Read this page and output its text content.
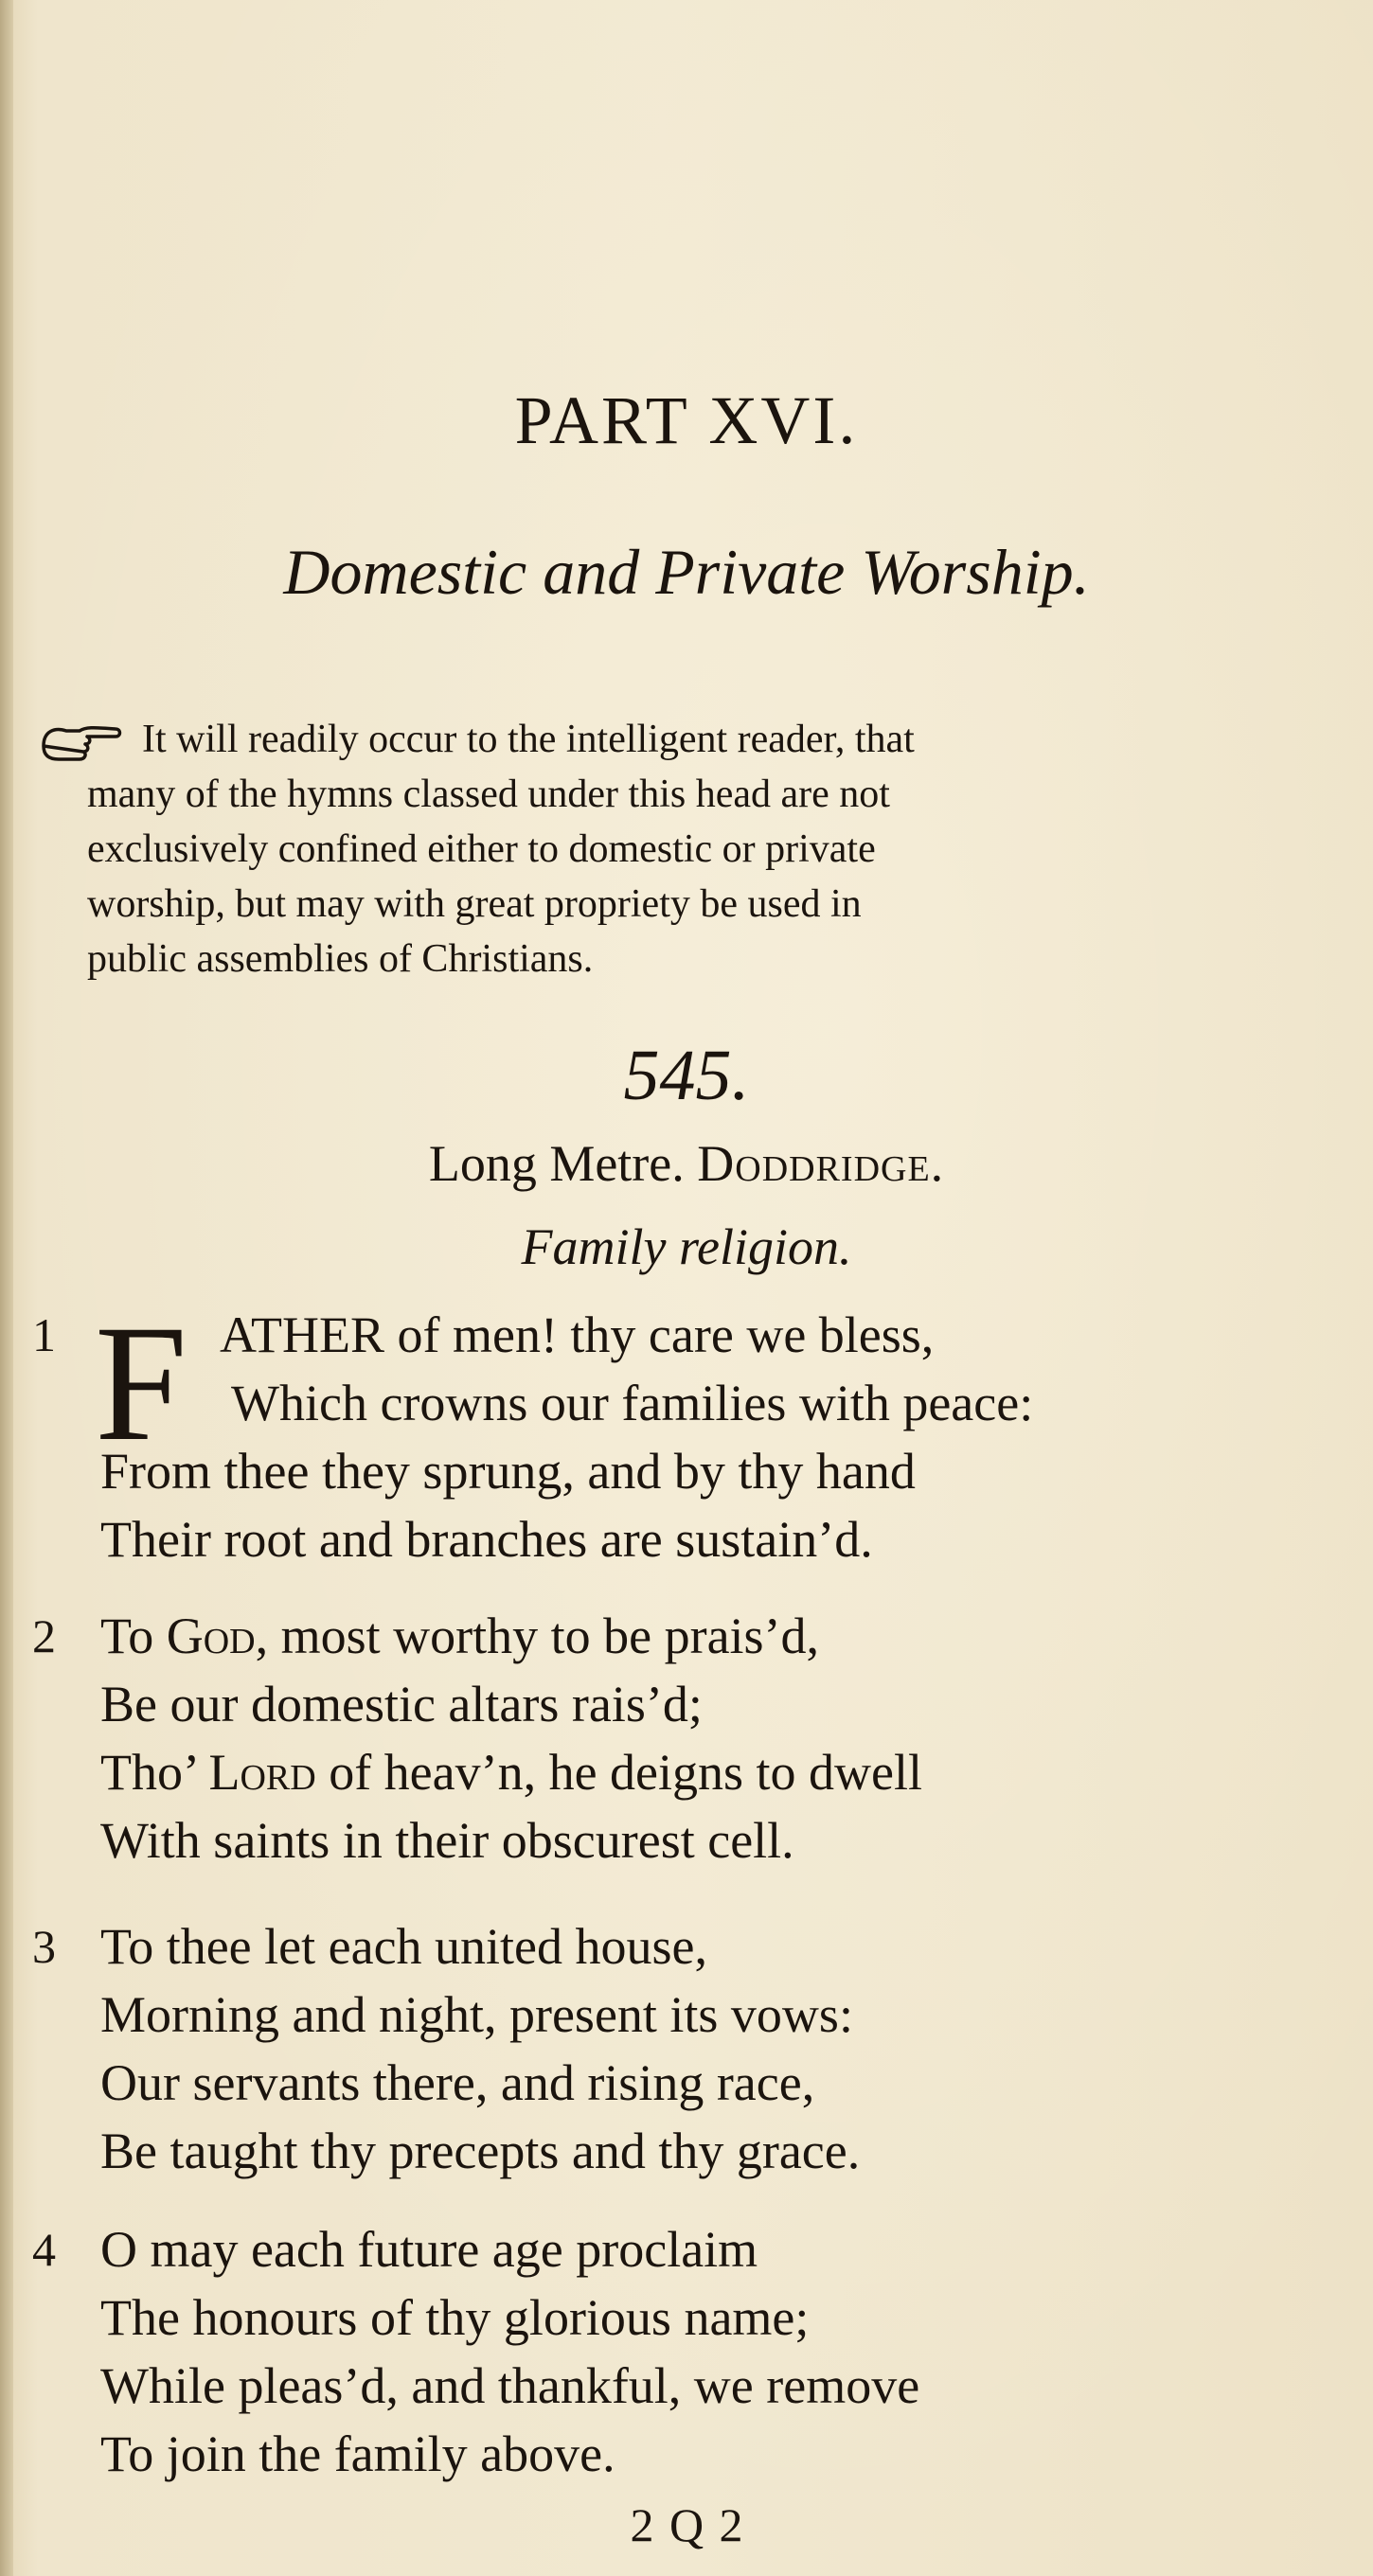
PART XVI.
Domestic and Private Worship.
It will readily occur to the intelligent reader, that
many of the hymns classed under this head are not
exclusively confined either to domestic or private
worship, but may with great propriety be used in
public assemblies of Christians.
545.
Long Metre. Doddridge.
Family religion.
1 F ATHER of men! thy care we bless,
Which crowns our families with peace:
From thee they sprung, and by thy hand
Their root and branches are sustain’d.
2 To God, most worthy to be prais’d,
Be our domestic altars rais’d;
Tho’ Lord of heav’n, he deigns to dwell
With saints in their obscurest cell.
3 To thee let each united house,
Morning and night, present its vows:
Our servants there, and rising race,
Be taught thy precepts and thy grace.
4 O may each future age proclaim
The honours of thy glorious name;
While pleas’d, and thankful, we remove
To join the family above.
2 Q 2
